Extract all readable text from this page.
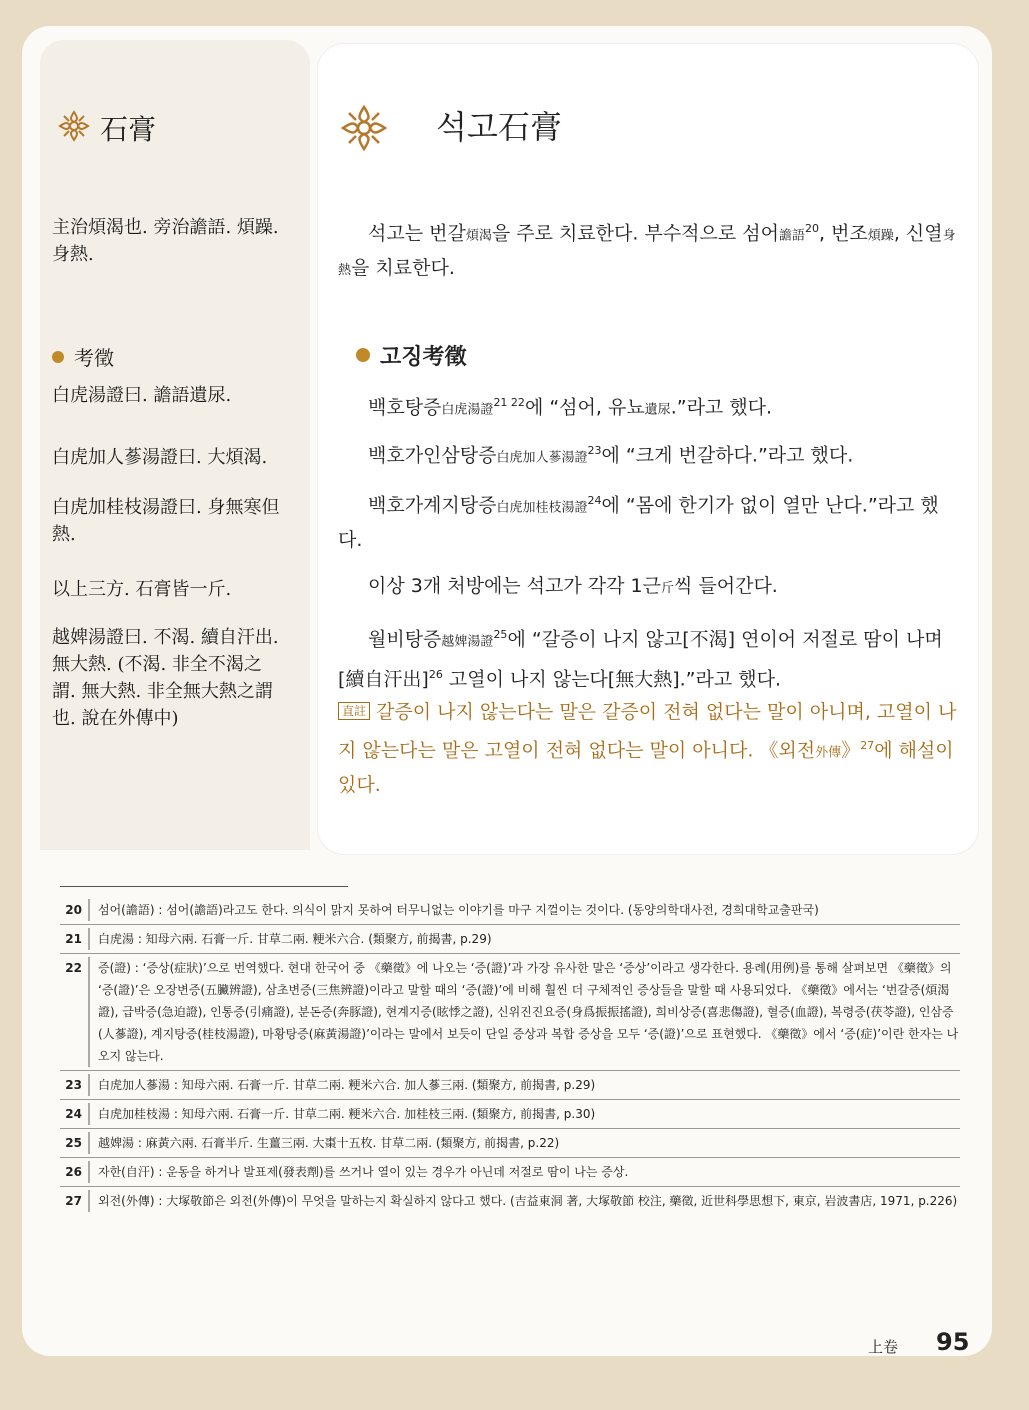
石膏
主治煩渴也. 旁治譫語. 煩躁. 身熱.
考徵
白虎湯證曰. 譫語遺尿.
白虎加人蔘湯證曰. 大煩渴.
白虎加桂枝湯證曰. 身無寒但熱.
以上三方. 石膏皆一斤.
越婢湯證曰. 不渴. 續自汗出. 無大熱. (不渴. 非全不渴之謂. 無大熱. 非全無大熱之謂也. 說在外傳中)
석고石膏
석고는 번갈煩渴을 주로 치료한다. 부수적으로 섬어譫語$^{20}$, 번조煩躁, 신열身熱을 치료한다.
고징考徵
백호탕증白虎湯證$^{21 22}$에 “섬어, 유뇨遺尿.”라고 했다.
백호가인삼탕증白虎加人蔘湯證$^{23}$에 “크게 번갈하다.”라고 했다.
백호가계지탕증白虎加桂枝湯證$^{24}$에 “몸에 한기가 없이 열만 난다.”라고 했다.
이상 3개 처방에는 석고가 각각 1근斤씩 들어간다.
월비탕증越婢湯證$^{25}$에 “갈증이 나지 않고[不渴] 연이어 저절로 땀이 나며[續自汗出]$^{26}$ 고열이 나지 않는다[無大熱].”라고 했다.
直註 갈증이 나지 않는다는 말은 갈증이 전혀 없다는 말이 아니며, 고열이 나지 않는다는 말은 고열이 전혀 없다는 말이 아니다. 《외전外傳》$^{27}$에 해설이 있다.
20	섬어(譫語) : 섬어(譫語)라고도 한다. 의식이 맑지 못하여 터무니없는 이야기를 마구 지껄이는 것이다. (동양의학대사전, 경희대학교출판국)
21	白虎湯 : 知母六兩. 石膏一斤. 甘草二兩. 粳米六合. (類聚方, 前揭書, p.29)
22	증(證) : ‘증상(症狀)’으로 번역했다. 현대 한국어 중 《藥徵》에 나오는 ‘증(證)’과 가장 유사한 말은 ‘증상’이라고 생각한다. 용례(用例)를 통해 살펴보면 《藥徵》의 ‘증(證)’은 오장변증(五臟辨證), 삼초변증(三焦辨證)이라고 말할 때의 ‘증(證)’에 비해 훨씬 더 구체적인 증상들을 말할 때 사용되었다. 《藥徵》에서는 ‘번갈증(煩渴證), 급박증(急迫證), 인통증(引痛證), 분돈증(奔豚證), 현계지증(眩悸之證), 신위진진요증(身爲振振搖證), 희비상증(喜悲傷證), 혈증(血證), 복령증(茯苓證), 인삼증(人蔘證), 계지탕증(桂枝湯證), 마황탕증(麻黃湯證)’이라는 말에서 보듯이 단일 증상과 복합 증상을 모두 ‘증(證)’으로 표현했다. 《藥徵》에서 ‘증(症)’이란 한자는 나오지 않는다.
23	白虎加人蔘湯 : 知母六兩. 石膏一斤. 甘草二兩. 粳米六合. 加人蔘三兩. (類聚方, 前揭書, p.29)
24	白虎加桂枝湯 : 知母六兩. 石膏一斤. 甘草二兩. 粳米六合. 加桂枝三兩. (類聚方, 前揭書, p.30)
25	越婢湯 : 麻黃六兩. 石膏半斤. 生薑三兩. 大棗十五枚. 甘草二兩. (類聚方, 前揭書, p.22)
26	자한(自汗) : 운동을 하거나 발표제(發表劑)를 쓰거나 열이 있는 경우가 아닌데 저절로 땀이 나는 증상.
27	외전(外傳) : 大塚敬節은 외전(外傳)이 무엇을 말하는지 확실하지 않다고 했다. (吉益東洞 著, 大塚敬節 校注, 藥徵, 近世科學思想下, 東京, 岩波書店, 1971, p.226)
上卷 95
